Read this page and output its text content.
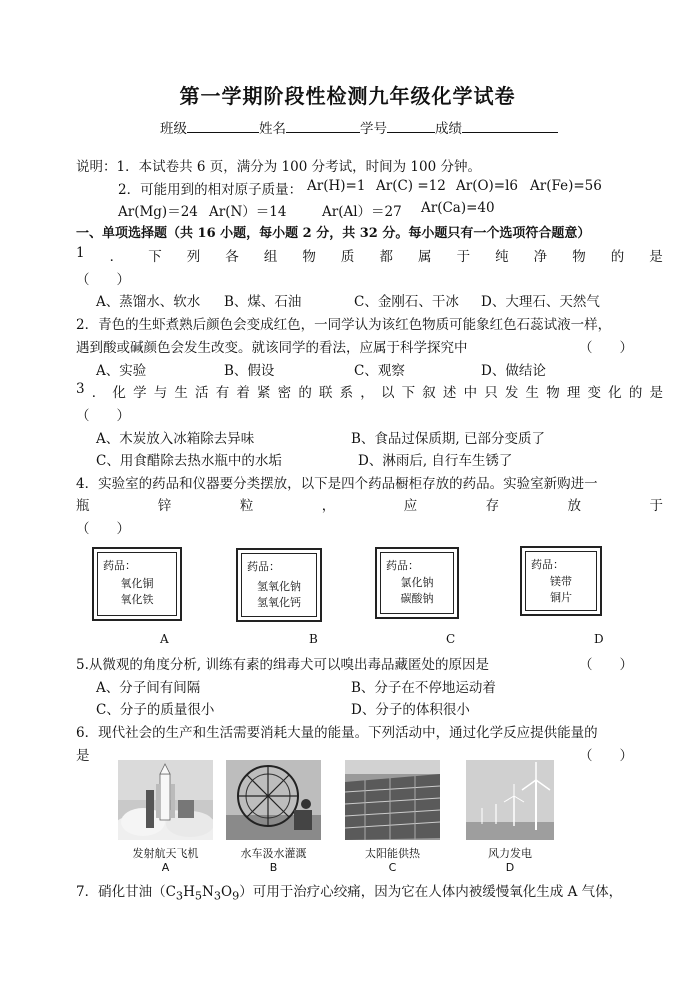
第一学期阶段性检测九年级化学试卷
班级	姓名	学号	成绩
说明：1．本试卷共 6 页，满分为 100 分考试，时间为 100 分钟。
2．可能用到的相对原子质量： Ar(H)=1 Ar(C) =12 Ar(O)=l6 Ar(Fe)=56
Ar(Mg)＝24 Ar(N）＝14	Ar(Al）＝27 Ar(Ca)=40
一、单项选择题（共 16 小题，每小题 2 分，共 32 分。每小题只有一个选项符合题意）
1 ． 下 列 各 组 物 质 都 属 于 纯 净 物 的 是
（　　）
A、蒸馏水、软水 B、煤、石油	C、金刚石、干冰 D、大理石、天然气
2．青色的生虾煮熟后颜色会变成红色，一同学认为该红色物质可能象红色石蕊试液一样，
遇到酸或碱颜色会发生改变。就该同学的看法，应属于科学探究中	（　　）
A、实验	B、假设	C、观察	D、做结论
3 ． 化 学 与 生 活 有 着 紧 密 的 联 系 ， 以 下 叙 述 中 只 发 生 物 理 变 化 的 是
（　　）
A、木炭放入冰箱除去异味	B、食品过保质期, 已部分变质了
C、用食醋除去热水瓶中的水垢	D、淋雨后, 自行车生锈了
4．实验室的药品和仪器要分类摆放，以下是四个药品橱柜存放的药品。实验室新购进一
瓶	锌	粒	，	应	存	放	于
（　　）
药品：
氧化铜
氧化铁
A
药品：
氢氧化钠
氢氧化钙
B
药品：
氯化钠
碳酸钠
C
药品：
镁带
铜片
D
5.从微观的角度分析, 训练有素的缉毒犬可以嗅出毒品藏匿处的原因是	（　　）
A、分子间有间隔	B、分子在不停地运动着
C、分子的质量很小	D、分子的体积很小
6．现代社会的生产和生活需要消耗大量的能量。下列活动中，通过化学反应提供能量的
是	（　　）
发射航天飞机
A
水车汲水灌溉
B
太阳能供热
C
风力发电
D
7．硝化甘油$(C_3H_5N_3O_9)$可用于治疗心绞痛，因为它在人体内被缓慢氧化生成 A 气体，
